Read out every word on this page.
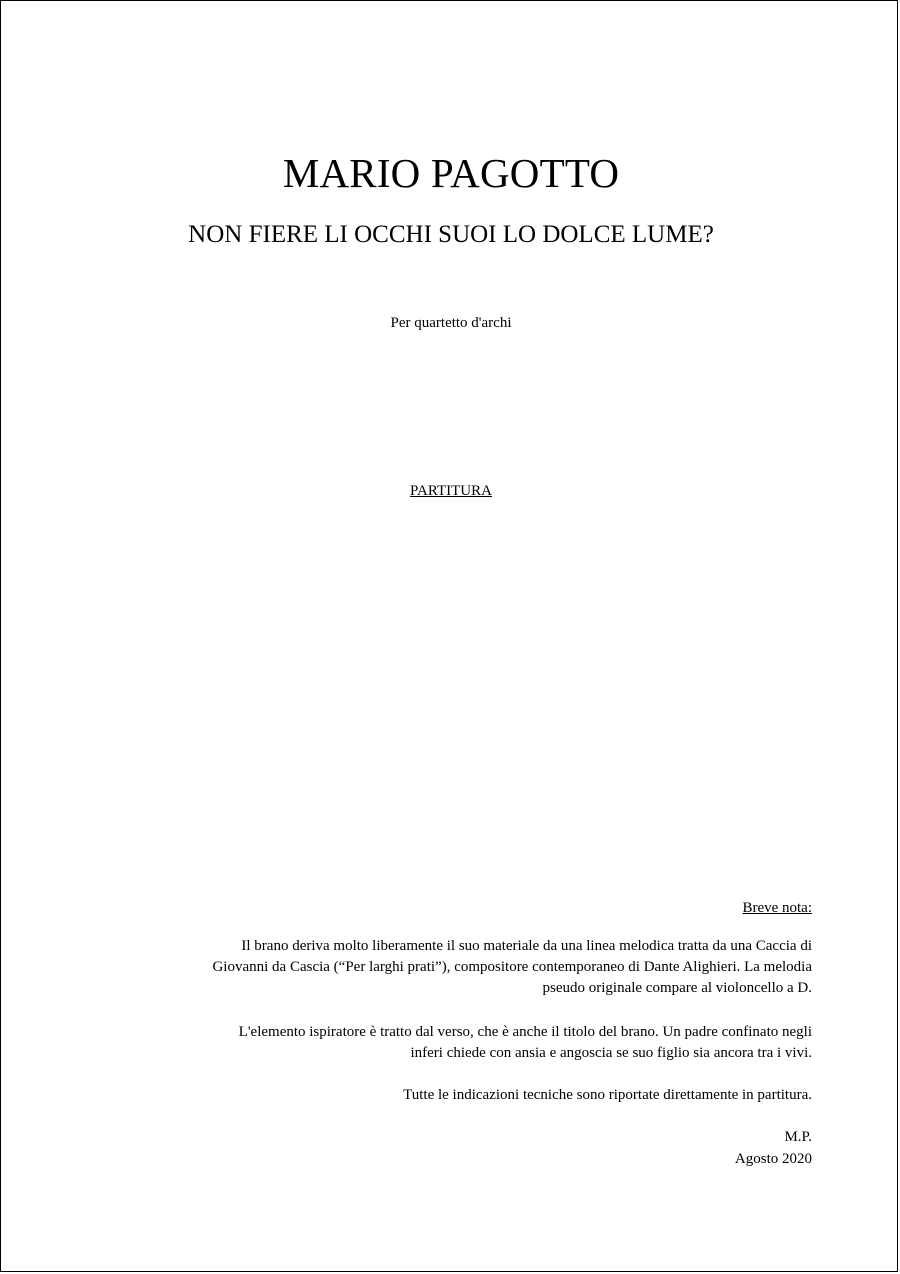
MARIO PAGOTTO
NON FIERE LI OCCHI SUOI LO DOLCE LUME?
Per quartetto d'archi
PARTITURA
Breve nota:
Il brano deriva molto liberamente il suo materiale da una linea melodica tratta da una Caccia di
Giovanni da Cascia (“Per larghi prati”), compositore contemporaneo di Dante Alighieri. La melodia
pseudo originale compare al violoncello a D.
L'elemento ispiratore è tratto dal verso, che è anche il titolo del brano. Un padre confinato negli
inferi chiede con ansia e angoscia se suo figlio sia ancora tra i vivi.
Tutte le indicazioni tecniche sono riportate direttamente in partitura.
M.P.
Agosto 2020
